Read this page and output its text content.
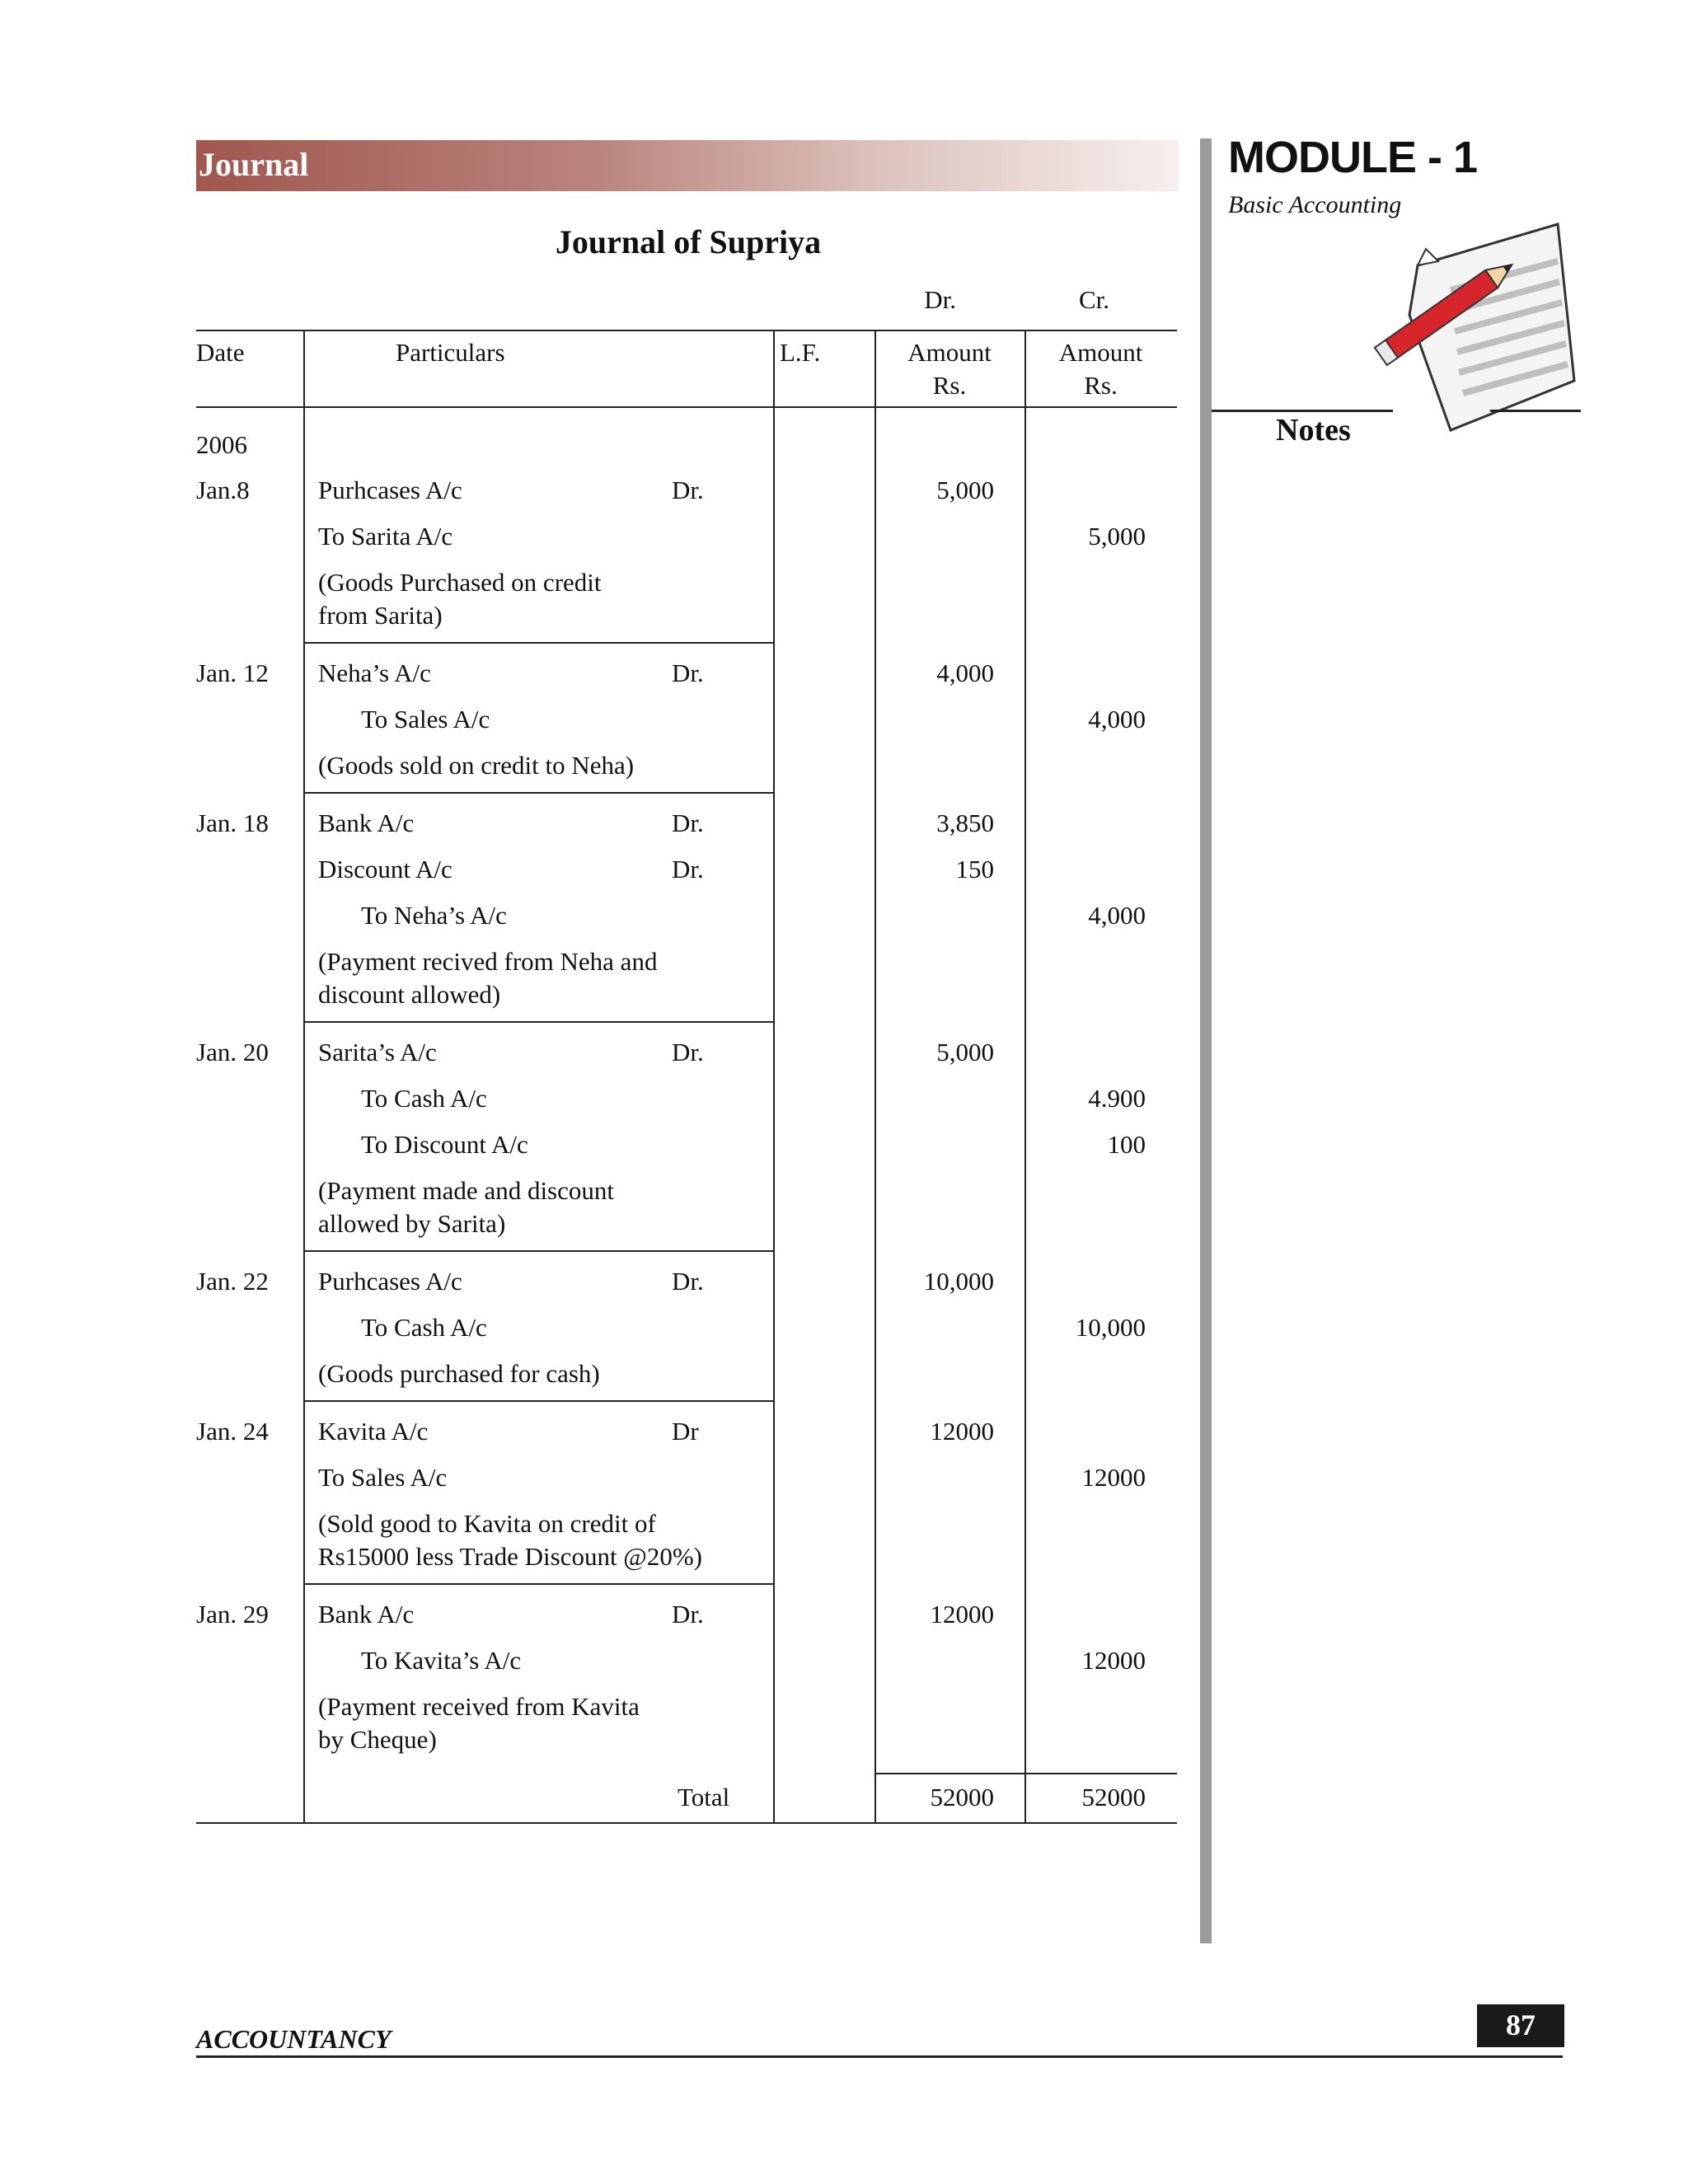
Journal	MODULE - 1
Basic Accounting
Notes
Journal of Supriya
Dr.	Cr.
Date	Particulars	L.F.	Amount
Rs.
Amount
Rs.
2006
Jan.8	Purhcases A/c	Dr.	5,000
To Sarita A/c	5,000
(Goods Purchased on credit
from Sarita)
Jan. 12 Neha’s A/c	Dr.	4,000
To Sales A/c	4,000
(Goods sold on credit to Neha)
Jan. 18 Bank A/c	Dr.	3,850
Discount A/c	Dr.	150
To Neha’s A/c	4,000
(Payment recived from Neha and
discount allowed)
Jan. 20 Sarita’s A/c	Dr.	5,000
To Cash A/c	4.900
To Discount A/c	100
(Payment made and discount
allowed by Sarita)
Jan. 22 Purhcases A/c	Dr.	10,000
To Cash A/c	10,000
(Goods purchased for cash)
Jan. 24 Kavita A/c	Dr	12000
To Sales A/c	12000
(Sold good to Kavita on credit of
Rs15000 less Trade Discount @20%)
Jan. 29 Bank A/c	Dr.	12000
To Kavita’s A/c	12000
(Payment received from Kavita
by Cheque)
Total	52000	52000
ACCOUNTANCY	87
